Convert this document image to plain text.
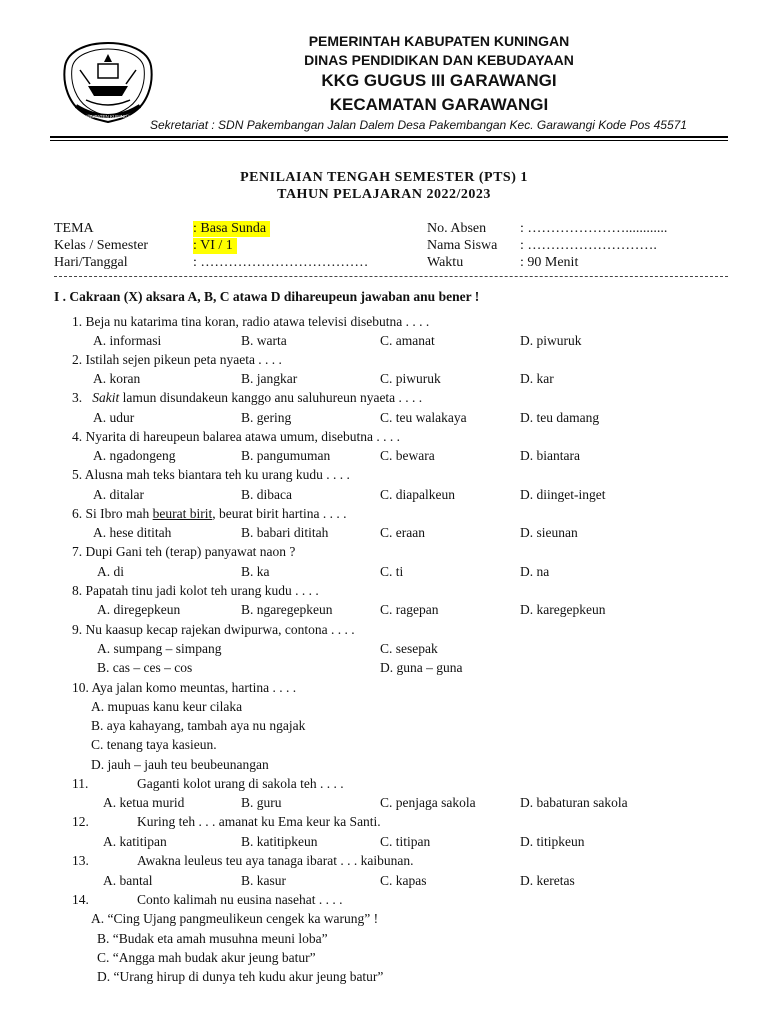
KABUPATEN KUNINGAN
PEMERINTAH KABUPATEN KUNINGAN
DINAS PENDIDIKAN DAN KEBUDAYAAN
KKG GUGUS III GARAWANGI
KECAMATAN GARAWANGI
Sekretariat : SDN Pakembangan Jalan Dalem Desa Pakembangan Kec. Garawangi Kode Pos 45571
PENILAIAN TENGAH SEMESTER (PTS) 1
TAHUN PELAJARAN 2022/2023
TEMA	: Basa Sunda
Kelas / Semester	: VI / 1
Hari/Tanggal	: ………………………………
No. Absen : …………………............
Nama Siswa : ……………………….
Waktu	: 90 Menit
I . Cakraan (X) aksara A, B, C atawa D dihareupeun jawaban anu bener !
1. Beja nu katarima tina koran, radio atawa televisi disebutna . . . .
A. informasi	B. warta	C. amanat	D. piwuruk
2. Istilah sejen pikeun peta nyaeta . . . .
A. koran	B. jangkar	C. piwuruk	D. kar
3. Sakit lamun disundakeun kanggo anu saluhureun nyaeta . . . .
A. udur	B. gering	C. teu walakaya	D. teu damang
4. Nyarita di hareupeun balarea atawa umum, disebutna . . . .
A. ngadongeng	B. pangumuman	C. bewara	D. biantara
5. Alusna mah teks biantara teh ku urang kudu . . . .
A. ditalar	B. dibaca	C. diapalkeun	D. diinget-inget
6. Si Ibro mah beurat birit, beurat birit hartina . . . .
A. hese dititah	B. babari dititah	C. eraan	D. sieunan
7. Dupi Gani teh (terap) panyawat naon ?
A. di	B. ka	C. ti	D. na
8. Papatah tinu jadi kolot teh urang kudu . . . .
A. diregepkeun	B. ngaregepkeun	C. ragepan	D. karegepkeun
9. Nu kaasup kecap rajekan dwipurwa, contona . . . .
A. sumpang – simpang	C. sesepak
B. cas – ces – cos	D. guna – guna
10. Aya jalan komo meuntas, hartina . . . .
A. mupuas kanu keur cilaka
B. aya kahayang, tambah aya nu ngajak
C. tenang taya kasieun.
D. jauh – jauh teu beubeunangan
11.	Gaganti kolot urang di sakola teh . . . .
A. ketua murid	B. guru	C. penjaga sakola	D. babaturan sakola
12.	Kuring teh . . . amanat ku Ema keur ka Santi.
A. katitipan	B. katitipkeun	C. titipan	D. titipkeun
13.	Awakna leuleus teu aya tanaga ibarat . . . kaibunan.
A. bantal	B. kasur	C. kapas	D. keretas
14.	Conto kalimah nu eusina nasehat . . . .
A. “Cing Ujang pangmeulikeun cengek ka warung” !
B. “Budak eta amah musuhna meuni loba”
C. “Angga mah budak akur jeung batur”
D. “Urang hirup di dunya teh kudu akur jeung batur”
